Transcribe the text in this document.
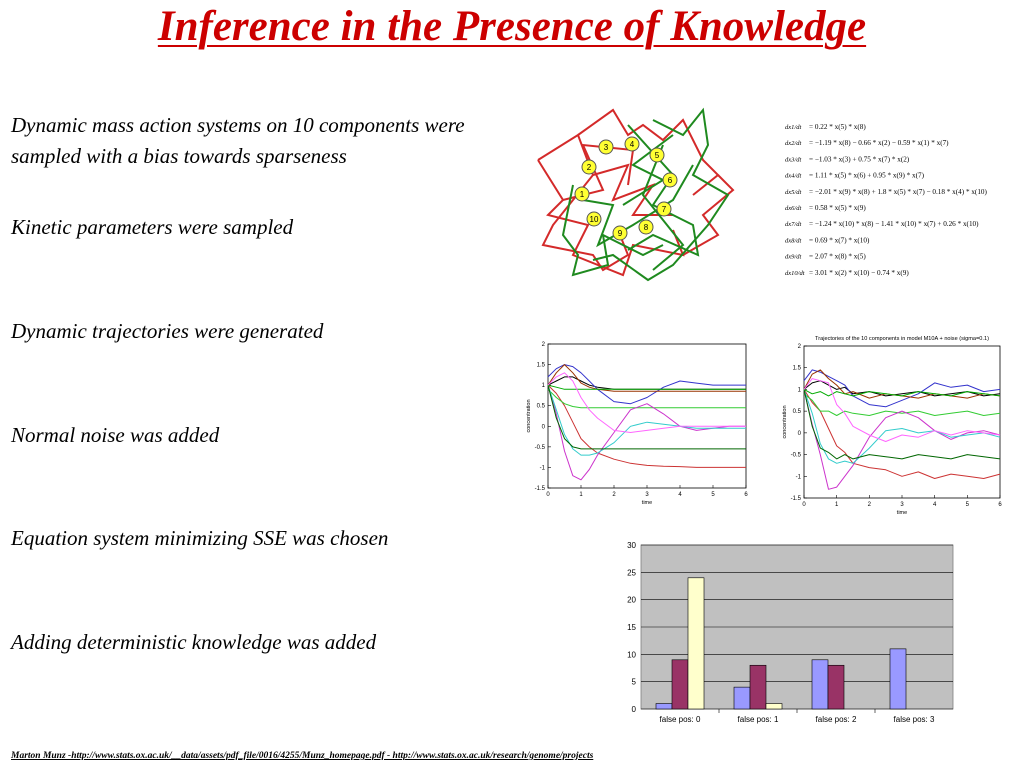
Inference in the Presence of Knowledge
Dynamic mass action systems on 10 components were sampled with a bias towards sparseness
Kinetic parameters were sampled
Dynamic trajectories were generated
Normal noise was added
Equation system minimizing SSE was chosen
Adding deterministic knowledge was added
1
2
3	4
5
6
7
8
9
10
dx1/dt = 0.22 * x(5) * x(8)
dx2/dt = −1.19 * x(8) − 0.66 * x(2) − 0.59 * x(1) * x(7)
dx3/dt = −1.03 * x(3) + 0.75 * x(7) * x(2)
dx4/dt = 1.11 * x(5) * x(6) + 0.95 * x(9) * x(7)
dx5/dt = −2.01 * x(9) * x(8) + 1.8 * x(5) * x(7) − 0.18 * x(4) * x(10)
dx6/dt = 0.58 * x(5) * x(9)
dx7/dt = −1.24 * x(10) * x(8) − 1.41 * x(10) * x(7) + 0.26 * x(10)
dx8/dt = 0.69 * x(7) * x(10)
dx9/dt = 2.07 * x(8) * x(5)
dx10/dt = 3.01 * x(2) * x(10) − 0.74 * x(9)
0	1	2	3	4	5	6
2
1.5
1
0.5
0
-0.5
-1
-1.5
time
concentration
Trajectories of the 10 components in model M10A + noise (sigma=0.1)
0	1	2	3	4	5	6
2
1.5
1
0.5
0
-0.5
-1
-1.5
time
concentration
30
25
20
15
10
5
0
false pos: 0	false pos: 1	false pos: 2	false pos: 3
Marton Munz -http://www.stats.ox.ac.uk/__data/assets/pdf_file/0016/4255/Munz_homepage.pdf - http://www.stats.ox.ac.uk/research/genome/projects
